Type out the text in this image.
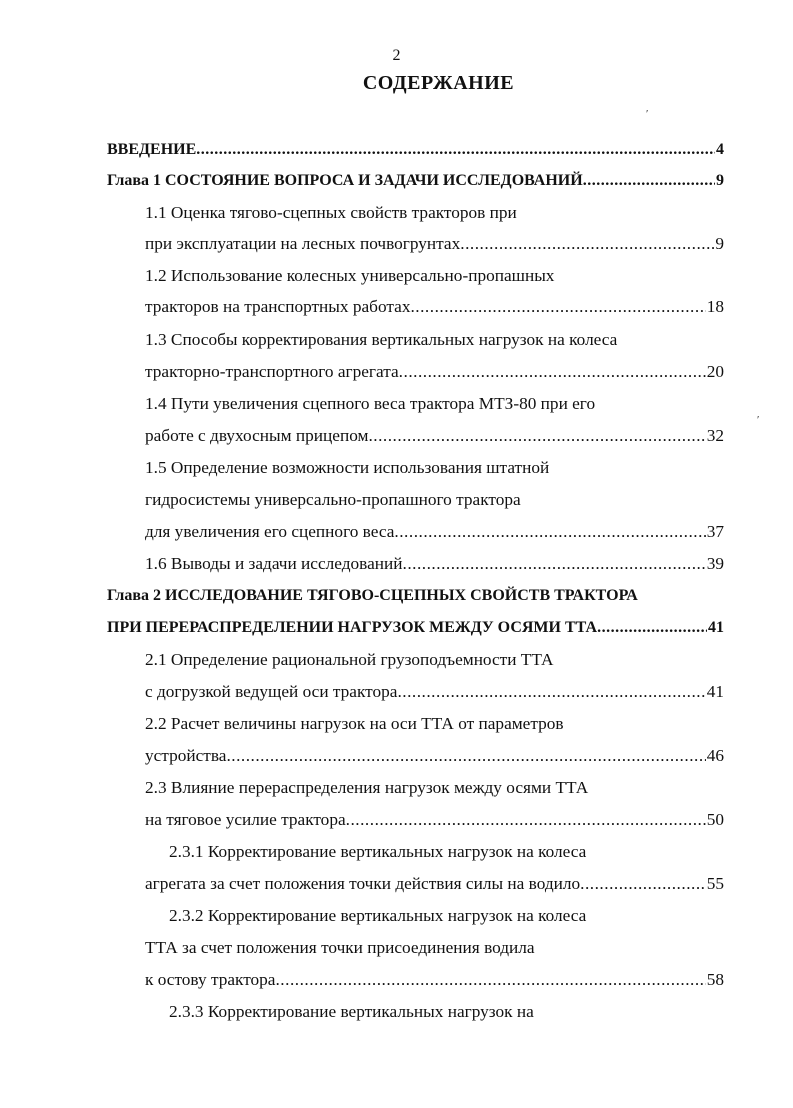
2
СОДЕРЖАНИЕ
′
′
ВВЕДЕНИЕ .....	4
Глава 1 СОСТОЯНИЕ ВОПРОСА И ЗАДАЧИ ИССЛЕДОВАНИЙ .....	9
1.1 Оценка тягово-сцепных свойств тракторов при
при эксплуатации на лесных почвогрунтах .....	9
1.2 Использование колесных универсально-пропашных
тракторов на транспортных работах .....	18
1.3 Способы корректирования вертикальных нагрузок на колеса
тракторно-транспортного агрегата .....	20
1.4 Пути увеличения сцепного веса трактора МТЗ-80 при его
работе с двухосным прицепом .....	32
1.5 Определение возможности использования штатной
гидросистемы универсально-пропашного трактора
для увеличения его сцепного веса .....	37
1.6 Выводы и задачи исследований .....	39
Глава 2 ИССЛЕДОВАНИЕ ТЯГОВО-СЦЕПНЫХ СВОЙСТВ ТРАКТОРА
ПРИ ПЕРЕРАСПРЕДЕЛЕНИИ НАГРУЗОК МЕЖДУ ОСЯМИ ТТА .....	41
2.1 Определение рациональной грузоподъемности ТТА
с догрузкой ведущей оси трактора .....	41
2.2 Расчет величины нагрузок на оси ТТА от параметров
устройства .....	46
2.3 Влияние перераспределения нагрузок между осями ТТА
на тяговое усилие трактора .....	50
2.3.1 Корректирование вертикальных нагрузок на колеса
агрегата за счет положения точки действия силы на водило .....	55
2.3.2 Корректирование вертикальных нагрузок на колеса
ТТА за счет положения точки присоединения водила
к остову трактора .....	58
2.3.3 Корректирование вертикальных нагрузок на
